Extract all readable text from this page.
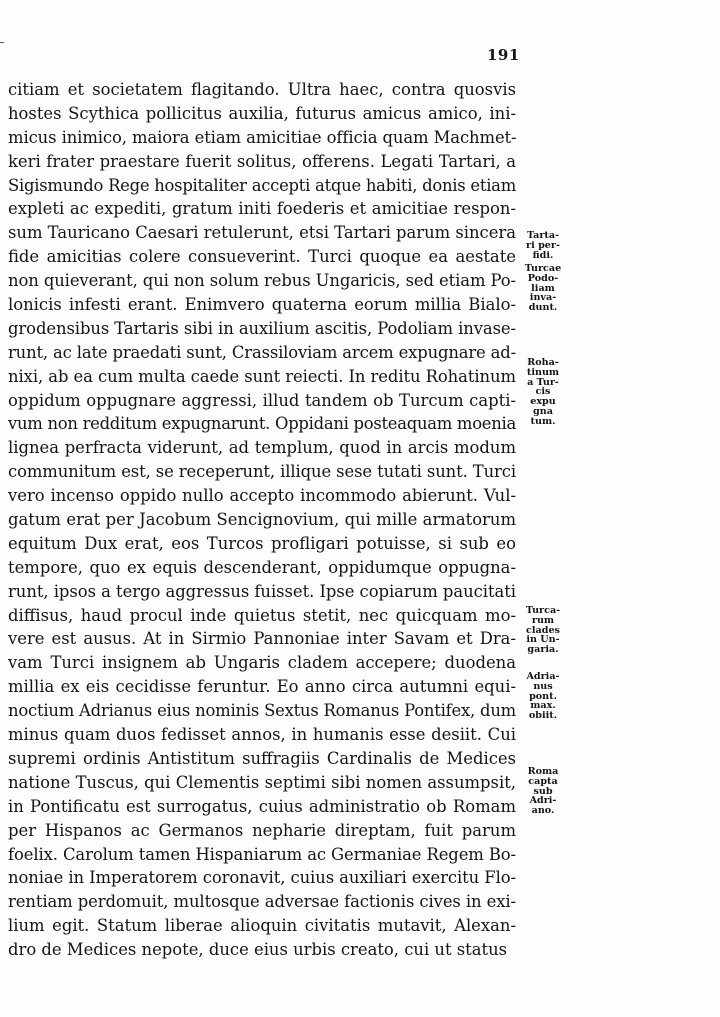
191
citiam et societatem flagitando. Ultra haec, contra quosvis
hostes Scythica pollicitus auxilia, futurus amicus amico, ini-
micus inimico, maiora etiam amicitiae officia quam Machmet-
keri frater praestare fuerit solitus, offerens. Legati Tartari, a
Sigismundo Rege hospitaliter accepti atque habiti, donis etiam
expleti ac expediti, gratum initi foederis et amicitiae respon-
sum Tauricano Caesari retulerunt, etsi Tartari parum sincera
fide amicitias colere consueverint. Turci quoque ea aestate
non quieverant, qui non solum rebus Ungaricis, sed etiam Po-
lonicis infesti erant. Enimvero quaterna eorum millia Bialo-
grodensibus Tartaris sibi in auxilium ascitis, Podoliam invase-
runt, ac late praedati sunt, Crassiloviam arcem expugnare ad-
nixi, ab ea cum multa caede sunt reiecti. In reditu Rohatinum
oppidum oppugnare aggressi, illud tandem ob Turcum capti-
vum non redditum expugnarunt. Oppidani posteaquam moenia
lignea perfracta viderunt, ad templum, quod in arcis modum
communitum est, se receperunt, illique sese tutati sunt. Turci
vero incenso oppido nullo accepto incommodo abierunt. Vul-
gatum erat per Jacobum Sencignovium, qui mille armatorum
equitum Dux erat, eos Turcos profligari potuisse, si sub eo
tempore, quo ex equis descenderant, oppidumque oppugna-
runt, ipsos a tergo aggressus fuisset. Ipse copiarum paucitati
diffisus, haud procul inde quietus stetit, nec quicquam mo-
vere est ausus. At in Sirmio Pannoniae inter Savam et Dra-
vam Turci insignem ab Ungaris cladem accepere; duodena
millia ex eis cecidisse feruntur. Eo anno circa autumni equi-
noctium Adrianus eius nominis Sextus Romanus Pontifex, dum
minus quam duos fedisset annos, in humanis esse desiit. Cui
supremi ordinis Antistitum suffragiis Cardinalis de Medices
natione Tuscus, qui Clementis septimi sibi nomen assumpsit,
in Pontificatu est surrogatus, cuius administratio ob Romam
per Hispanos ac Germanos nepharie direptam, fuit parum
foelix. Carolum tamen Hispaniarum ac Germaniae Regem Bo-
noniae in Imperatorem coronavit, cuius auxiliari exercitu Flo-
rentiam perdomuit, multosque adversae factionis cives in exi-
lium egit. Statum liberae alioquin civitatis mutavit, Alexan-
dro de Medices nepote, duce eius urbis creato, cui ut status
Tarta-
ri per-
fidi.
Turcae
Podo-
liam
inva-
dunt.
Roha-
tinum
a Tur-
cis
expu
gna
tum.
Turca-
rum
clades
in Un-
garia.
Adria-
nus
pont.
max.
obiit.
Roma
capta
sub
Adri-
ano.
